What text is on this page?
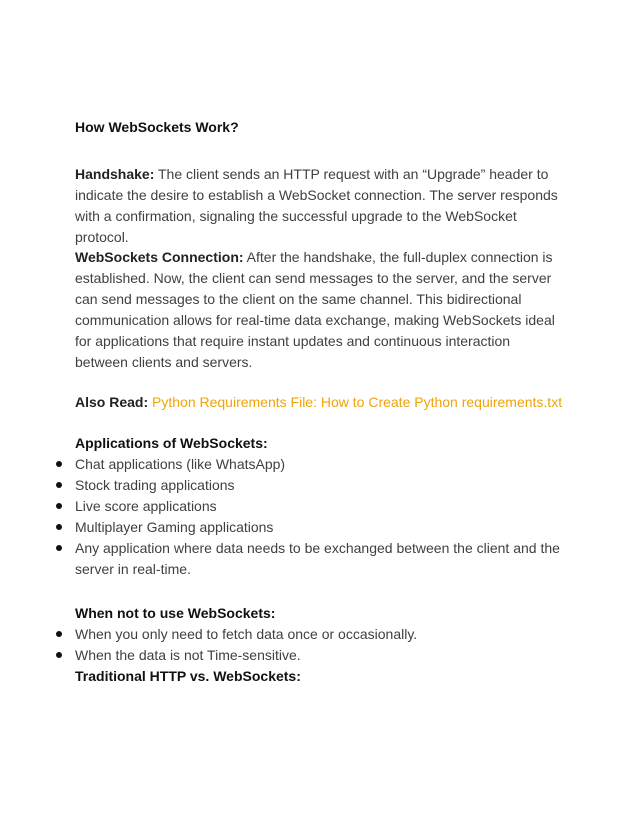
How WebSockets Work?
Handshake: The client sends an HTTP request with an “Upgrade” header to indicate the desire to establish a WebSocket connection. The server responds with a confirmation, signaling the successful upgrade to the WebSocket protocol.
WebSockets Connection: After the handshake, the full-duplex connection is established. Now, the client can send messages to the server, and the server can send messages to the client on the same channel. This bidirectional communication allows for real-time data exchange, making WebSockets ideal for applications that require instant updates and continuous interaction between clients and servers.
Also Read: Python Requirements File: How to Create Python requirements.txt
Applications of WebSockets:
Chat applications (like WhatsApp)
Stock trading applications
Live score applications
Multiplayer Gaming applications
Any application where data needs to be exchanged between the client and the server in real-time.
When not to use WebSockets:
When you only need to fetch data once or occasionally.
When the data is not Time-sensitive.
Traditional HTTP vs. WebSockets:
